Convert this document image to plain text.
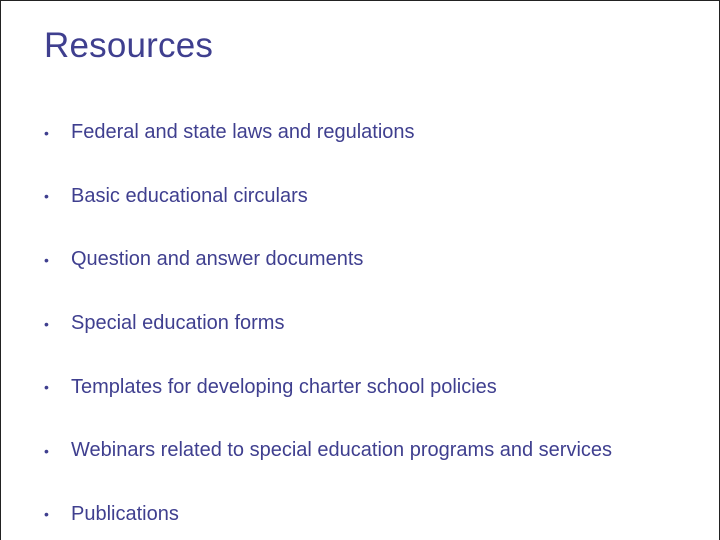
Resources
•	Federal and state laws and regulations
•	Basic educational circulars
•	Question and answer documents
•	Special education forms
•	Templates for developing charter school policies
•	Webinars related to special education programs and services
•	Publications
